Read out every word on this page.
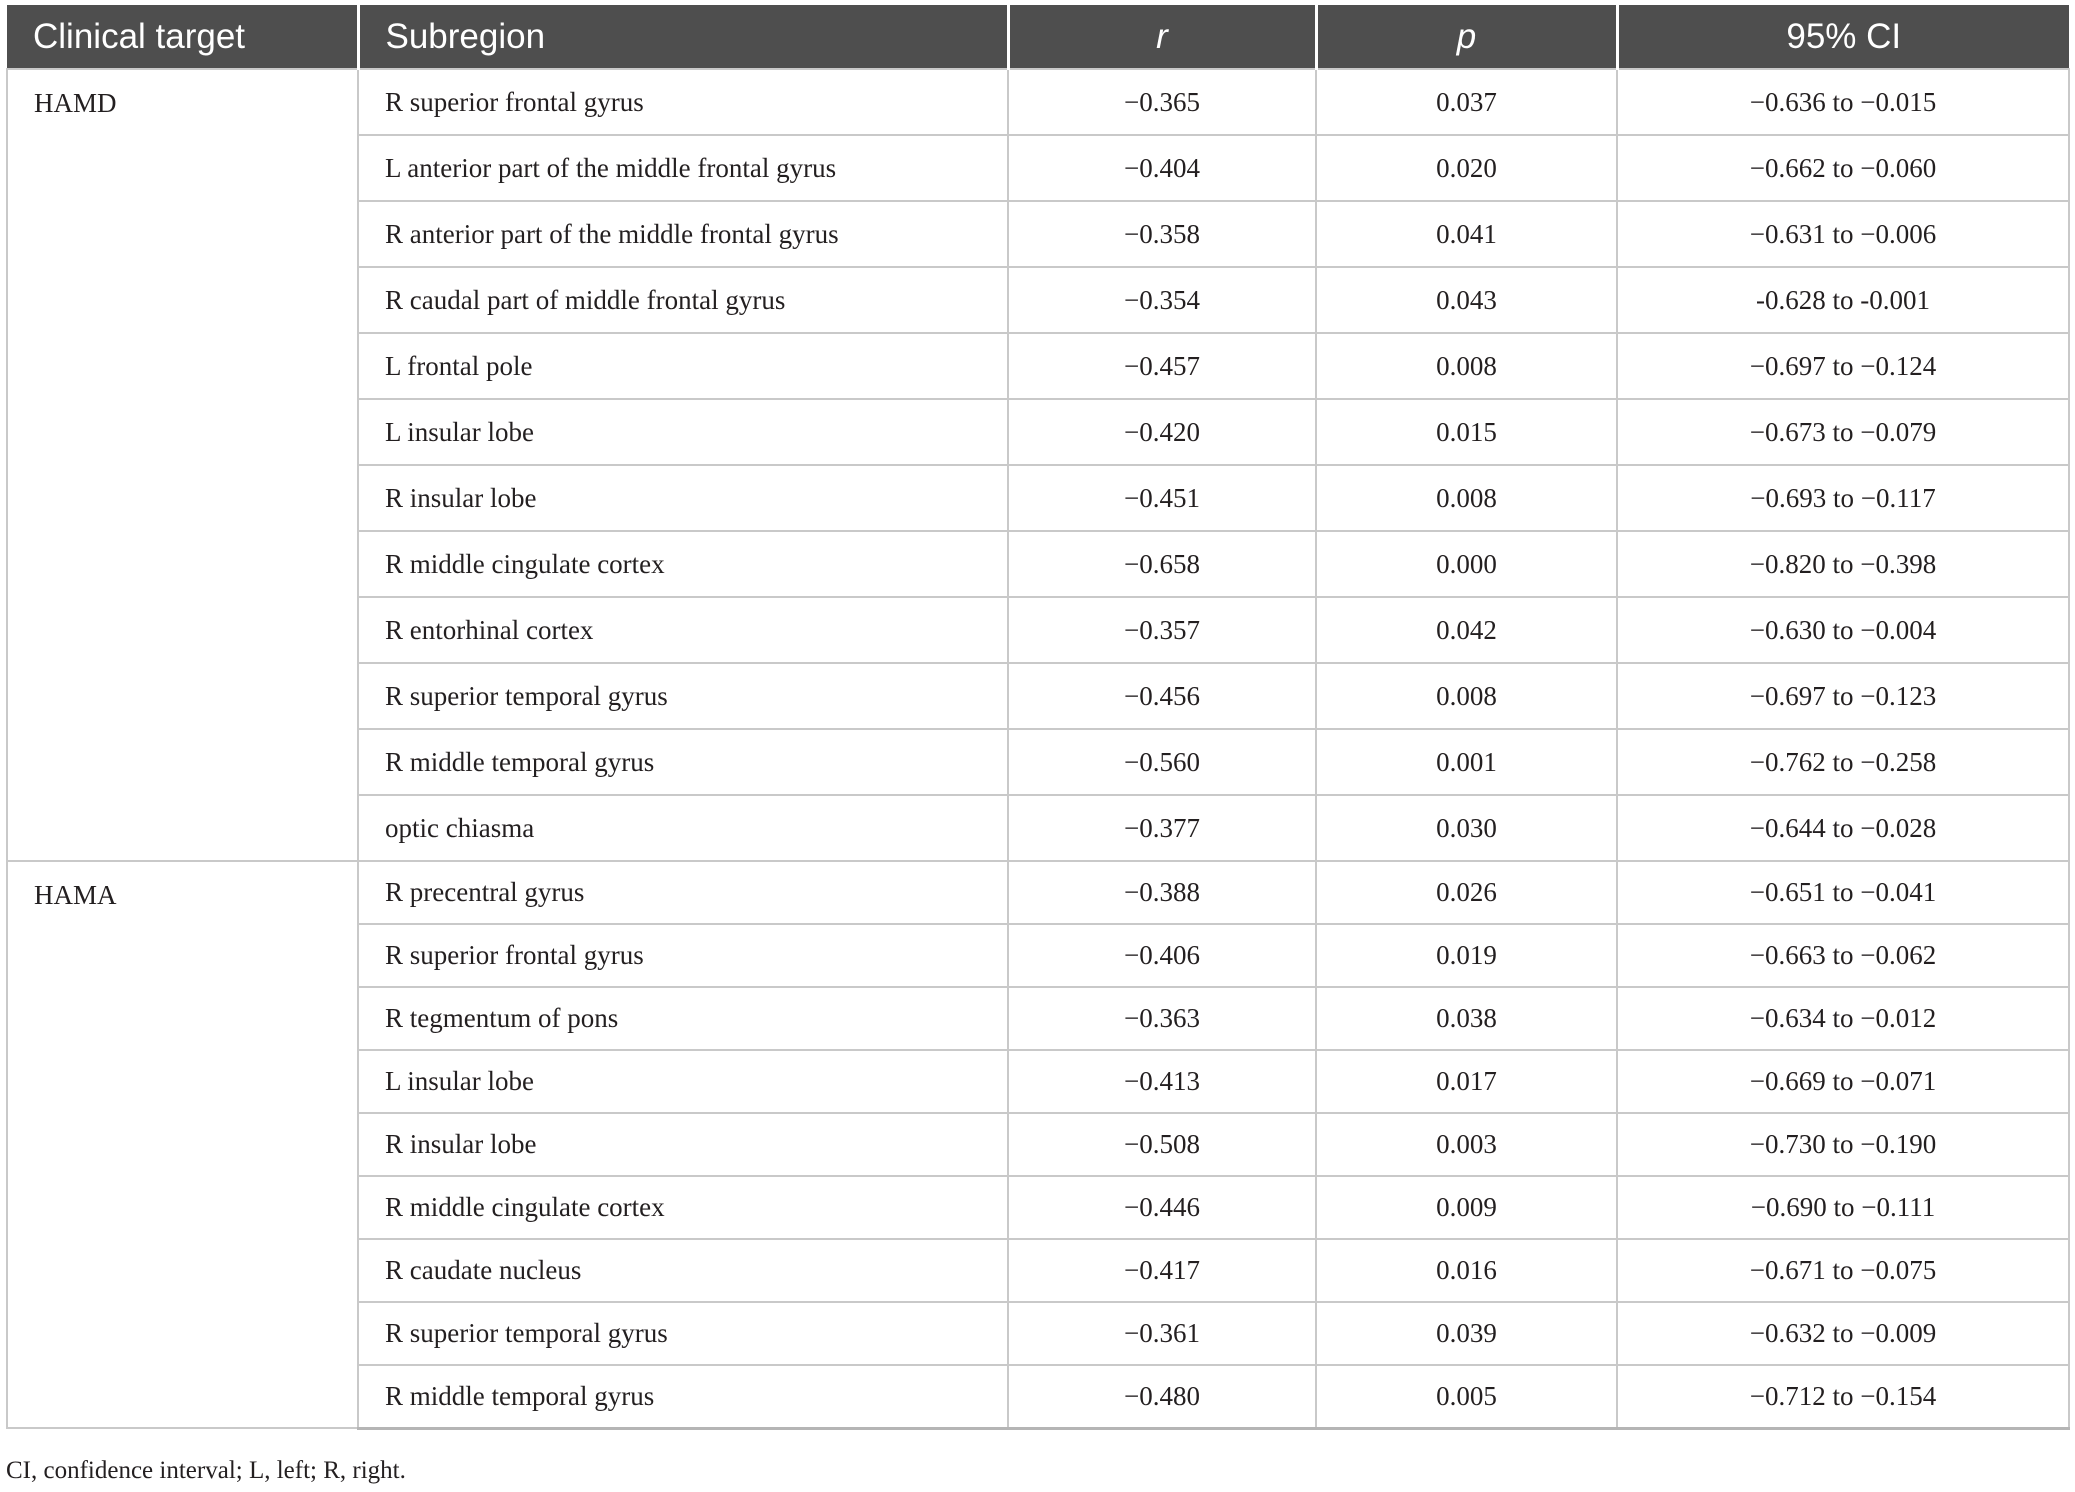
Clinical target	Subregion	r	p	95% CI
HAMD	R superior frontal gyrus	−0.365	0.037	−0.636 to −0.015
	L anterior part of the middle frontal gyrus	−0.404	0.020	−0.662 to −0.060
	R anterior part of the middle frontal gyrus	−0.358	0.041	−0.631 to −0.006
	R caudal part of middle frontal gyrus	−0.354	0.043	-0.628 to -0.001
	L frontal pole	−0.457	0.008	−0.697 to −0.124
	L insular lobe	−0.420	0.015	−0.673 to −0.079
	R insular lobe	−0.451	0.008	−0.693 to −0.117
	R middle cingulate cortex	−0.658	0.000	−0.820 to −0.398
	R entorhinal cortex	−0.357	0.042	−0.630 to −0.004
	R superior temporal gyrus	−0.456	0.008	−0.697 to −0.123
	R middle temporal gyrus	−0.560	0.001	−0.762 to −0.258
	optic chiasma	−0.377	0.030	−0.644 to −0.028
HAMA	R precentral gyrus	−0.388	0.026	−0.651 to −0.041
	R superior frontal gyrus	−0.406	0.019	−0.663 to −0.062
	R tegmentum of pons	−0.363	0.038	−0.634 to −0.012
	L insular lobe	−0.413	0.017	−0.669 to −0.071
	R insular lobe	−0.508	0.003	−0.730 to −0.190
	R middle cingulate cortex	−0.446	0.009	−0.690 to −0.111
	R caudate nucleus	−0.417	0.016	−0.671 to −0.075
	R superior temporal gyrus	−0.361	0.039	−0.632 to −0.009
	R middle temporal gyrus	−0.480	0.005	−0.712 to −0.154
CI, confidence interval; L, left; R, right.
